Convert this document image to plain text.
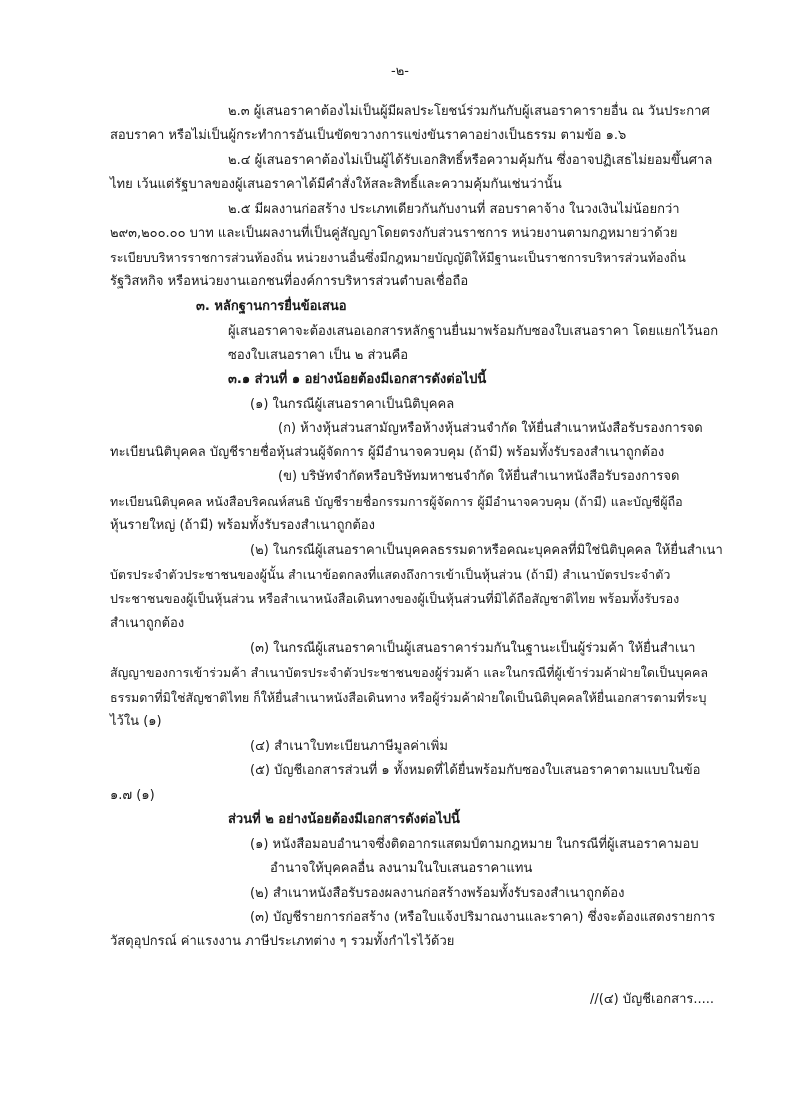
-๒-
๒.๓ ผู้เสนอราคาต้องไม่เป็นผู้มีผลประโยชน์ร่วมกันกับผู้เสนอราคารายอื่น ณ วันประกาศ
สอบราคา หรือไม่เป็นผู้กระทำการอันเป็นขัดขวางการแข่งขันราคาอย่างเป็นธรรม ตามข้อ ๑.๖
๒.๔ ผู้เสนอราคาต้องไม่เป็นผู้ได้รับเอกสิทธิ์หรือความคุ้มกัน ซึ่งอาจปฏิเสธไม่ยอมขึ้นศาล
ไทย เว้นแต่รัฐบาลของผู้เสนอราคาได้มีคำสั่งให้สละสิทธิ์และความคุ้มกันเช่นว่านั้น
๒.๕ มีผลงานก่อสร้าง ประเภทเดียวกันกับงานที่ สอบราคาจ้าง ในวงเงินไม่น้อยกว่า
๒๙๓,๒๐๐.๐๐ บาท และเป็นผลงานที่เป็นคู่สัญญาโดยตรงกับส่วนราชการ หน่วยงานตามกฎหมายว่าด้วย
ระเบียบบริหารราชการส่วนท้องถิ่น หน่วยงานอื่นซึ่งมีกฎหมายบัญญัติให้มีฐานะเป็นราชการบริหารส่วนท้องถิ่น
รัฐวิสหกิจ หรือหน่วยงานเอกชนที่องค์การบริหารส่วนตำบลเชื่อถือ
๓. หลักฐานการยื่นข้อเสนอ
ผู้เสนอราคาจะต้องเสนอเอกสารหลักฐานยื่นมาพร้อมกับซองใบเสนอราคา โดยแยกไว้นอก
ซองใบเสนอราคา เป็น ๒ ส่วนคือ
๓.๑ ส่วนที่ ๑ อย่างน้อยต้องมีเอกสารดังต่อไปนี้
(๑) ในกรณีผู้เสนอราคาเป็นนิติบุคคล
(ก) ห้างหุ้นส่วนสามัญหรือห้างหุ้นส่วนจำกัด ให้ยื่นสำเนาหนังสือรับรองการจด
ทะเบียนนิติบุคคล บัญชีรายชื่อหุ้นส่วนผู้จัดการ ผู้มีอำนาจควบคุม (ถ้ามี) พร้อมทั้งรับรองสำเนาถูกต้อง
(ข) บริษัทจำกัดหรือบริษัทมหาชนจำกัด ให้ยื่นสำเนาหนังสือรับรองการจด
ทะเบียนนิติบุคคล หนังสือบริคณห์สนธิ บัญชีรายชื่อกรรมการผู้จัดการ ผู้มีอำนาจควบคุม (ถ้ามี) และบัญชีผู้ถือ
หุ้นรายใหญ่ (ถ้ามี) พร้อมทั้งรับรองสำเนาถูกต้อง
(๒) ในกรณีผู้เสนอราคาเป็นบุคคลธรรมดาหรือคณะบุคคลที่มิใช่นิติบุคคล ให้ยื่นสำเนา
บัตรประจำตัวประชาชนของผู้นั้น สำเนาข้อตกลงที่แสดงถึงการเข้าเป็นหุ้นส่วน (ถ้ามี) สำเนาบัตรประจำตัว
ประชาชนของผู้เป็นหุ้นส่วน หรือสำเนาหนังสือเดินทางของผู้เป็นหุ้นส่วนที่มิได้ถือสัญชาติไทย พร้อมทั้งรับรอง
สำเนาถูกต้อง
(๓) ในกรณีผู้เสนอราคาเป็นผู้เสนอราคาร่วมกันในฐานะเป็นผู้ร่วมค้า ให้ยื่นสำเนา
สัญญาของการเข้าร่วมค้า สำเนาบัตรประจำตัวประชาชนของผู้ร่วมค้า และในกรณีที่ผู้เข้าร่วมค้าฝ่ายใดเป็นบุคคล
ธรรมดาที่มิใช่สัญชาติไทย ก็ให้ยื่นสำเนาหนังสือเดินทาง หรือผู้ร่วมค้าฝ่ายใดเป็นนิติบุคคลให้ยื่นเอกสารตามที่ระบุ
ไว้ใน (๑)
(๔) สำเนาใบทะเบียนภาษีมูลค่าเพิ่ม
(๕) บัญชีเอกสารส่วนที่ ๑ ทั้งหมดที่ได้ยื่นพร้อมกับซองใบเสนอราคาตามแบบในข้อ
๑.๗ (๑)
ส่วนที่ ๒ อย่างน้อยต้องมีเอกสารดังต่อไปนี้
(๑) หนังสือมอบอำนาจซึ่งติดอากรแสตมป์ตามกฎหมาย ในกรณีที่ผู้เสนอราคามอบ
อำนาจให้บุคคลอื่น ลงนามในใบเสนอราคาแทน
(๒) สำเนาหนังสือรับรองผลงานก่อสร้างพร้อมทั้งรับรองสำเนาถูกต้อง
(๓) บัญชีรายการก่อสร้าง (หรือใบแจ้งปริมาณงานและราคา) ซึ่งจะต้องแสดงรายการ
วัสดุอุปกรณ์ ค่าแรงงาน ภาษีประเภทต่าง ๆ รวมทั้งกำไรไว้ด้วย
//(๔) บัญชีเอกสาร.....
